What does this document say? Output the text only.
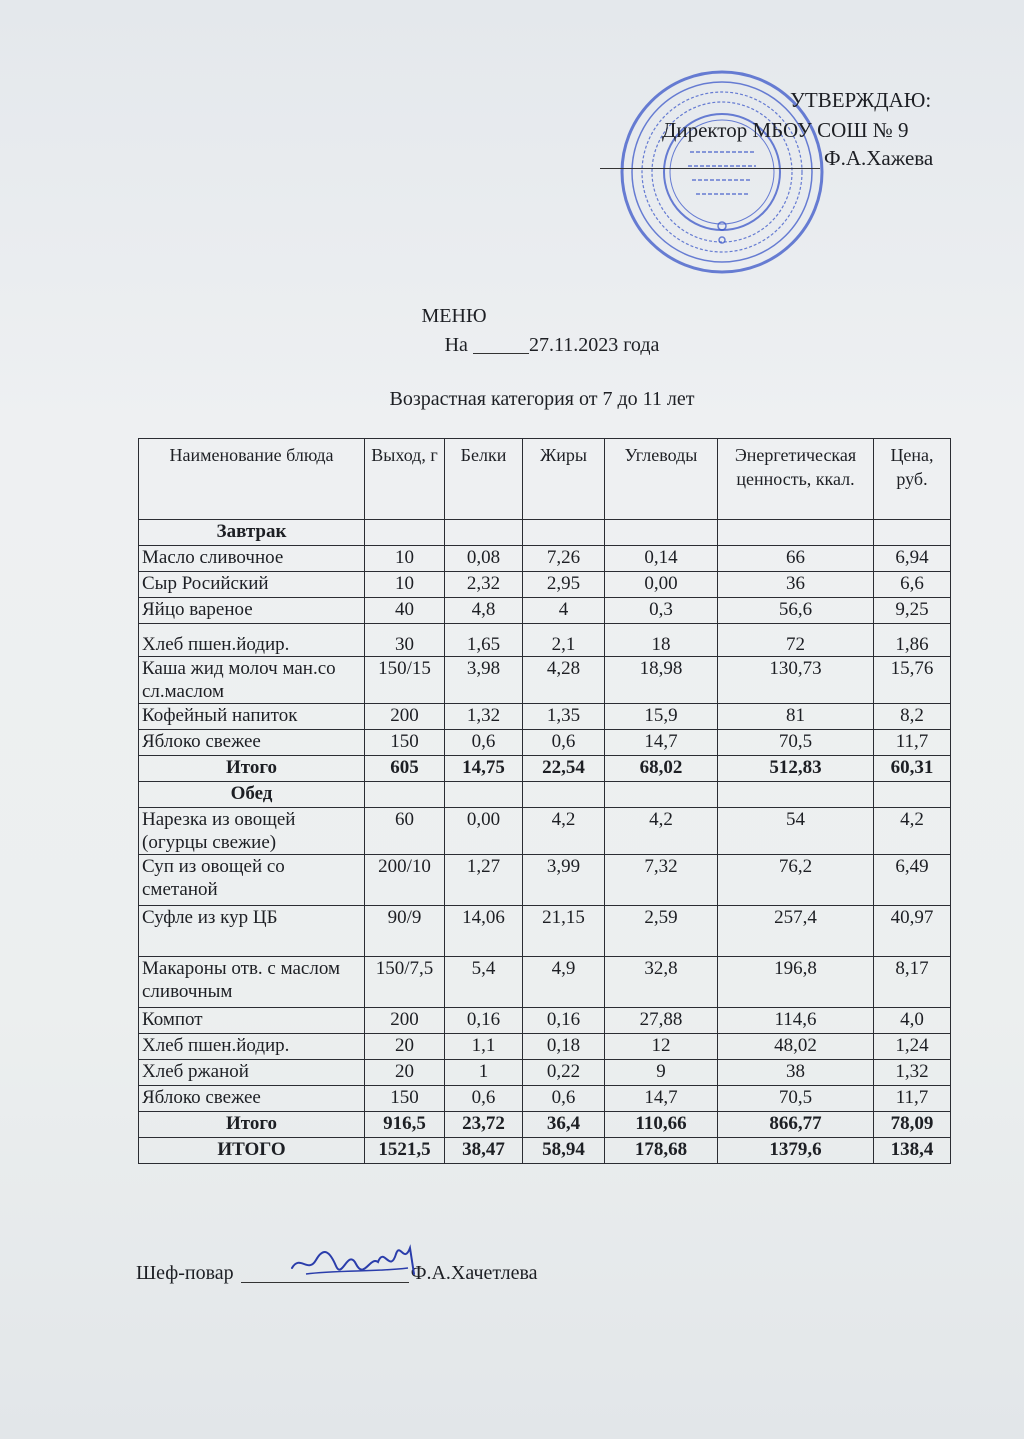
УТВЕРЖДАЮ:
Директор МБОУ СОШ № 9
Ф.А.Хажева
МЕНЮ
На	27.11.2023 года
Возрастная категория от 7 до 11 лет
Наименование блюда	Выход, г	Белки	Жиры	Углеводы	Энергетическая ценность, ккал.	Цена, руб.
Завтрак						
Масло сливочное	10	0,08	7,26	0,14	66	6,94
Сыр Росийский	10	2,32	2,95	0,00	36	6,6
Яйцо вареное	40	4,8	4	0,3	56,6	9,25
Хлеб пшен.йодир.	30	1,65	2,1	18	72	1,86
Каша жид молоч ман.со сл.маслом	150/15	3,98	4,28	18,98	130,73	15,76
Кофейный напиток	200	1,32	1,35	15,9	81	8,2
Яблоко свежее	150	0,6	0,6	14,7	70,5	11,7
Итого	605	14,75	22,54	68,02	512,83	60,31
Обед						
Нарезка из овощей (огурцы свежие)	60	0,00	4,2	4,2	54	4,2
Суп из овощей со сметаной	200/10	1,27	3,99	7,32	76,2	6,49
Суфле из кур ЦБ	90/9	14,06	21,15	2,59	257,4	40,97
Макароны отв. с маслом сливочным	150/7,5	5,4	4,9	32,8	196,8	8,17
Компот	200	0,16	0,16	27,88	114,6	4,0
Хлеб пшен.йодир.	20	1,1	0,18	12	48,02	1,24
Хлеб ржаной	20	1	0,22	9	38	1,32
Яблоко свежее	150	0,6	0,6	14,7	70,5	11,7
Итого	916,5	23,72	36,4	110,66	866,77	78,09
ИТОГО	1521,5	38,47	58,94	178,68	1379,6	138,4
Шеф-повар	Ф.А.Хачетлева
